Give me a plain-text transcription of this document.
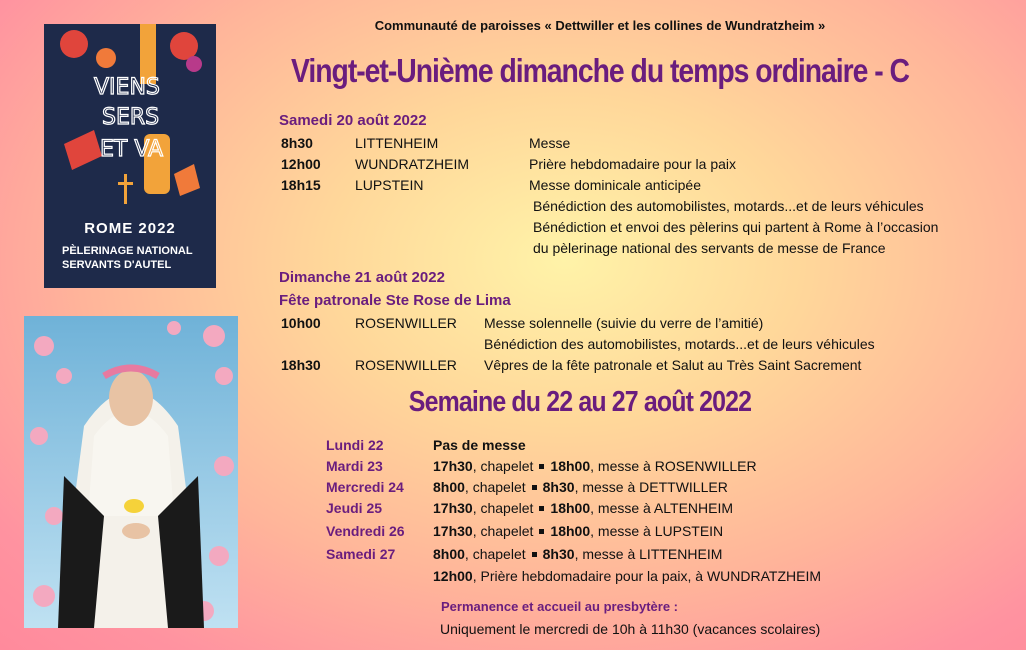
Communauté de paroisses « Dettwiller et les collines de Wundratzheim »
Vingt-et-Unième dimanche du temps ordinaire - C
VIENS
SERS
ET VA
ROME 2022
PÈLERINAGE NATIONAL
SERVANTS D'AUTEL
Samedi 20 août 2022
8h30	LITTENHEIM	Messe
12h00 WUNDRATZHEIM	Prière hebdomadaire pour la paix
18h15 LUPSTEIN	Messe dominicale anticipée
Bénédiction des automobilistes, motards...et de leurs véhicules
Bénédiction et envoi des pèlerins qui partent à Rome à l’occasion
du pèlerinage national des servants de messe de France
Dimanche 21 août 2022
Fête patronale Ste Rose de Lima
10h00 ROSENWILLER Messe solennelle (suivie du verre de l’amitié)
Bénédiction des automobilistes, motards...et de leurs véhicules
18h30 ROSENWILLER Vêpres de la fête patronale et Salut au Très Saint Sacrement
Semaine du 22 au 27 août 2022
Lundi 22	Pas de messe
Mardi 23	17h30, chapelet 18h00, messe à ROSENWILLER
Mercredi 24 8h00, chapelet 8h30, messe à DETTWILLER
Jeudi 25	17h30, chapelet 18h00, messe à ALTENHEIM
Vendredi 26 17h30, chapelet 18h00, messe à LUPSTEIN
Samedi 27	8h00, chapelet 8h30, messe à LITTENHEIM
12h00, Prière hebdomadaire pour la paix, à WUNDRATZHEIM
Permanence et accueil au presbytère :
Uniquement le mercredi de 10h à 11h30 (vacances scolaires)
